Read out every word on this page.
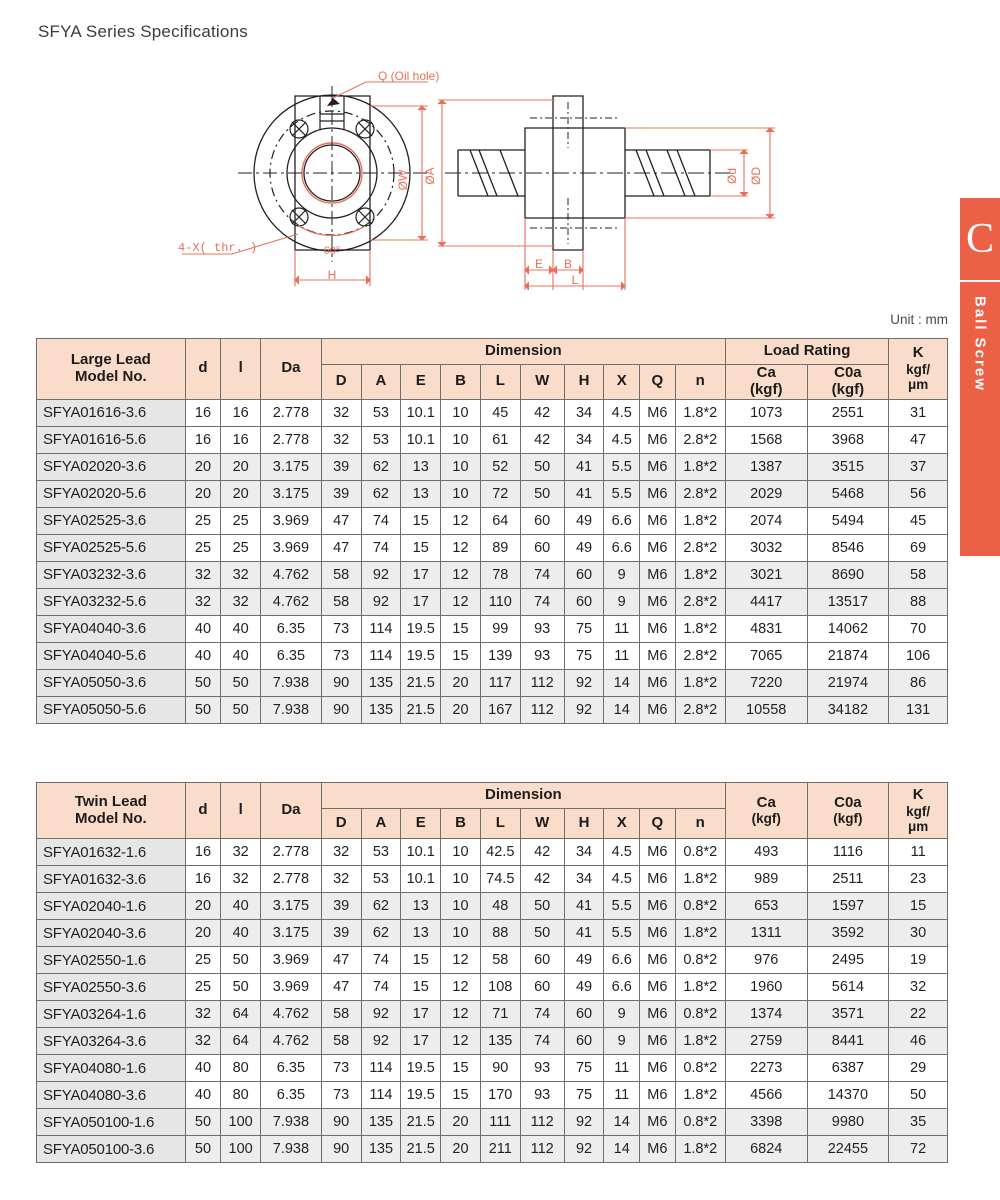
SFYA Series Specifications
C
Ball Screw
ØW
H
60°
4-X( thr. )
Q (Oil hole)
ØA	ØD
Ød
E B
L
Unit : mm
Large Lead
Model No.	d	l	Da	Dimension	Load Rating	K
kgf/
μm
D	A	E	B	L	W	H	X	Q	n	Ca
(kgf)

C0a
(kgf)

SFYA01616-3.6	16	16	2.778	32	53	10.1	10	45	42	34	4.5	M6	1.8*2	1073	2551	31
SFYA01616-5.6	16	16	2.778	32	53	10.1	10	61	42	34	4.5	M6	2.8*2	1568	3968	47
SFYA02020-3.6	20	20	3.175	39	62	13	10	52	50	41	5.5	M6	1.8*2	1387	3515	37
SFYA02020-5.6	20	20	3.175	39	62	13	10	72	50	41	5.5	M6	2.8*2	2029	5468	56
SFYA02525-3.6	25	25	3.969	47	74	15	12	64	60	49	6.6	M6	1.8*2	2074	5494	45
SFYA02525-5.6	25	25	3.969	47	74	15	12	89	60	49	6.6	M6	2.8*2	3032	8546	69
SFYA03232-3.6	32	32	4.762	58	92	17	12	78	74	60	9	M6	1.8*2	3021	8690	58
SFYA03232-5.6	32	32	4.762	58	92	17	12	110	74	60	9	M6	2.8*2	4417	13517	88
SFYA04040-3.6	40	40	6.35	73	114	19.5	15	99	93	75	11	M6	1.8*2	4831	14062	70
SFYA04040-5.6	40	40	6.35	73	114	19.5	15	139	93	75	11	M6	2.8*2	7065	21874	106
SFYA05050-3.6	50	50	7.938	90	135	21.5	20	117	112	92	14	M6	1.8*2	7220	21974	86
SFYA05050-5.6	50	50	7.938	90	135	21.5	20	167	112	92	14	M6	2.8*2	10558	34182	131
Twin Lead
Model No.	d	l	Da	Dimension	Ca
(kgf)	
C0a
(kgf)	
K
kgf/
μm
				D	A	E	B	L	W	H	X	Q	n			
SFYA01632-1.6	16	32	2.778	32	53	10.1	10	42.5	42	34	4.5	M6	0.8*2	493	1116	11
SFYA01632-3.6	16	32	2.778	32	53	10.1	10	74.5	42	34	4.5	M6	1.8*2	989	2511	23
SFYA02040-1.6	20	40	3.175	39	62	13	10	48	50	41	5.5	M6	0.8*2	653	1597	15
SFYA02040-3.6	20	40	3.175	39	62	13	10	88	50	41	5.5	M6	1.8*2	1311	3592	30
SFYA02550-1.6	25	50	3.969	47	74	15	12	58	60	49	6.6	M6	0.8*2	976	2495	19
SFYA02550-3.6	25	50	3.969	47	74	15	12	108	60	49	6.6	M6	1.8*2	1960	5614	32
SFYA03264-1.6	32	64	4.762	58	92	17	12	71	74	60	9	M6	0.8*2	1374	3571	22
SFYA03264-3.6	32	64	4.762	58	92	17	12	135	74	60	9	M6	1.8*2	2759	8441	46
SFYA04080-1.6	40	80	6.35	73	114	19.5	15	90	93	75	11	M6	0.8*2	2273	6387	29
SFYA04080-3.6	40	80	6.35	73	114	19.5	15	170	93	75	11	M6	1.8*2	4566	14370	50
SFYA050100-1.6	50	100	7.938	90	135	21.5	20	111	112	92	14	M6	0.8*2	3398	9980	35
SFYA050100-3.6	50	100	7.938	90	135	21.5	20	211	112	92	14	M6	1.8*2	6824	22455	72
